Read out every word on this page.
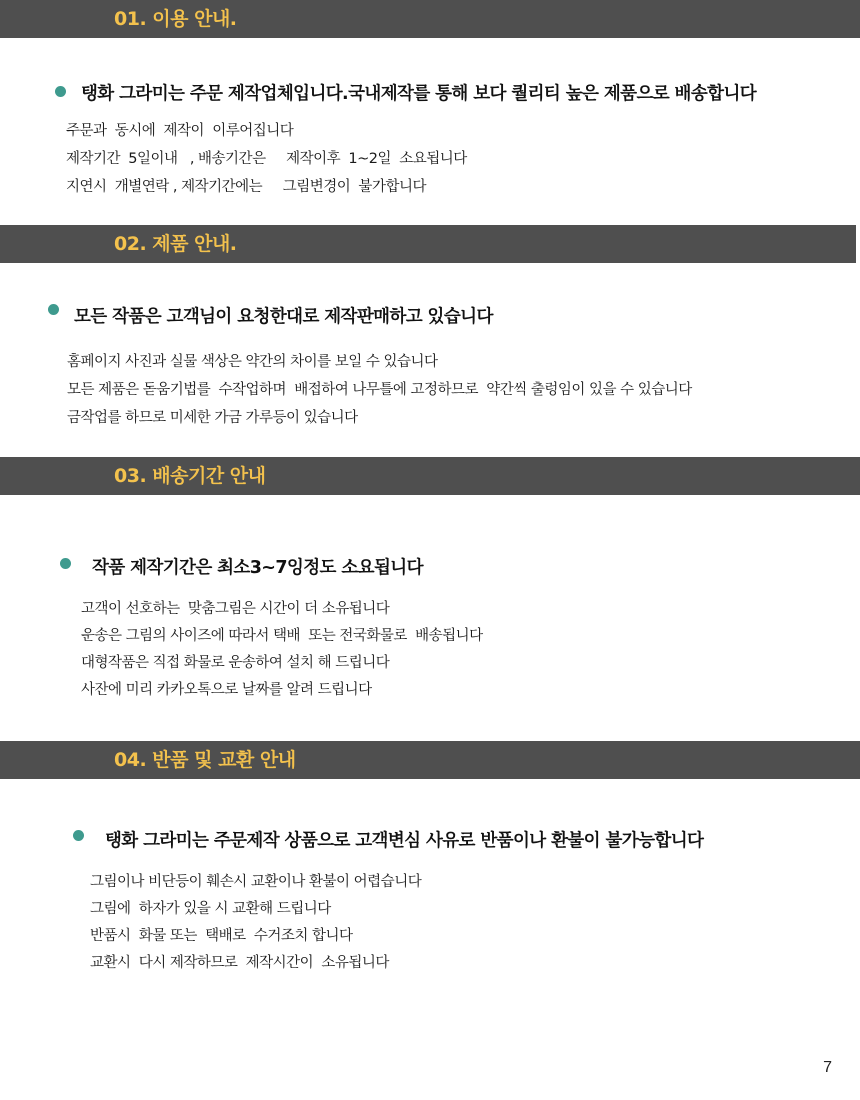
01. 이용 안내.
탱화 그라미는 주문 제작업체입니다.국내제작를 통해 보다 퀄리티 높은 제품으로 배송합니다
주문과  동시에  제작이  이루어집니다
제작기간  5일이내   , 배송기간은     제작이후  1~2일  소요됩니다
지연시  개별연락 , 제작기간에는     그림변경이  불가합니다
02. 제품 안내.
모든 작품은 고객님이 요청한대로 제작판매하고 있습니다
홈페이지 사진과 실물 색상은 약간의 차이를 보일 수 있습니다
모든 제품은 돋움기법를  수작업하며  배접하여 나무틀에 고정하므로  약간씩 출렁임이 있을 수 있습니다
금작업를 하므로 미세한 가금 가루등이 있습니다
03. 배송기간 안내
작품 제작기간은 최소3~7잉정도 소요됩니다
고객이 선호하는  맞춤그림은 시간이 더 소유됩니다
운송은 그림의 사이즈에 따라서 택배  또는 전국화물로  배송됩니다
대형작품은 직접 화물로 운송하여 설치 해 드립니다
사잔에 미리 카카오톡으로 날짜를 알려 드립니다
04. 반품 및 교환 안내
탱화 그라미는 주문제작 상품으로 고객변심 사유로 반품이나 환불이 불가능합니다
그림이나 비단등이 훼손시 교환이나 환불이 어렵습니다
그림에  하자가 있을 시 교환해 드립니다
반품시  화물 또는  택배로  수거조치 합니다
교환시  다시 제작하므로  제작시간이  소유됩니다
7
